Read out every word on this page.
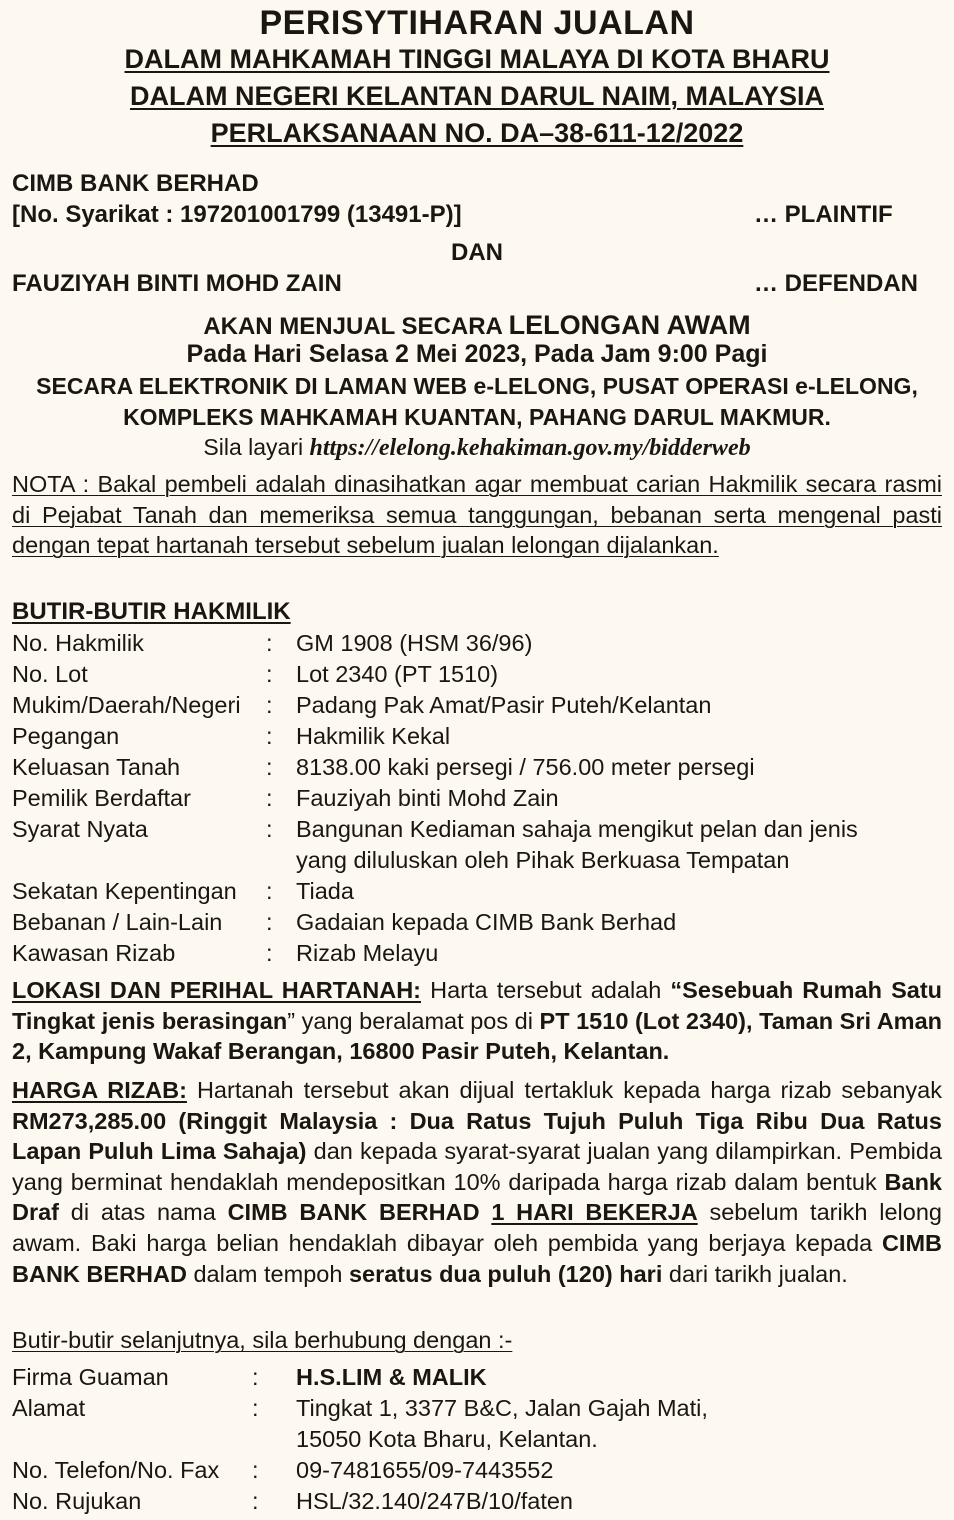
PERISYTIHARAN JUALAN
DALAM MAHKAMAH TINGGI MALAYA DI KOTA BHARU
DALAM NEGERI KELANTAN DARUL NAIM, MALAYSIA
PERLAKSANAAN NO. DA–38-611-12/2022
CIMB BANK BERHAD
[No. Syarikat : 197201001799 (13491-P)]	… PLAINTIF
DAN
FAUZIYAH BINTI MOHD ZAIN	… DEFENDAN
AKAN MENJUAL SECARA LELONGAN AWAM
Pada Hari Selasa 2 Mei 2023, Pada Jam 9:00 Pagi
SECARA ELEKTRONIK DI LAMAN WEB e-LELONG, PUSAT OPERASI e-LELONG,
KOMPLEKS MAHKAMAH KUANTAN, PAHANG DARUL MAKMUR.
Sila layari https://elelong.kehakiman.gov.my/bidderweb
NOTA : Bakal pembeli adalah dinasihatkan agar membuat carian Hakmilik secara rasmi di Pejabat Tanah dan memeriksa semua tanggungan, bebanan serta mengenal pasti dengan tepat hartanah tersebut sebelum jualan lelongan dijalankan.
BUTIR-BUTIR HAKMILIK
No. Hakmilik	: GM 1908 (HSM 36/96)
No. Lot	: Lot 2340 (PT 1510)
Mukim/Daerah/Negeri : Padang Pak Amat/Pasir Puteh/Kelantan
Pegangan	: Hakmilik Kekal
Keluasan Tanah	: 8138.00 kaki persegi / 756.00 meter persegi
Pemilik Berdaftar	: Fauziyah binti Mohd Zain
Syarat Nyata	: Bangunan Kediaman sahaja mengikut pelan dan jenis
yang diluluskan oleh Pihak Berkuasa Tempatan
Sekatan Kepentingan : Tiada
Bebanan / Lain-Lain : Gadaian kepada CIMB Bank Berhad
Kawasan Rizab	: Rizab Melayu
LOKASI DAN PERIHAL HARTANAH: Harta tersebut adalah “Sesebuah Rumah Satu Tingkat jenis berasingan” yang beralamat pos di PT 1510 (Lot 2340), Taman Sri Aman 2, Kampung Wakaf Berangan, 16800 Pasir Puteh, Kelantan.
HARGA RIZAB: Hartanah tersebut akan dijual tertakluk kepada harga rizab sebanyak RM273,285.00 (Ringgit Malaysia : Dua Ratus Tujuh Puluh Tiga Ribu Dua Ratus Lapan Puluh Lima Sahaja) dan kepada syarat-syarat jualan yang dilampirkan. Pembida yang berminat hendaklah mendepositkan 10% daripada harga rizab dalam bentuk Bank Draf di atas nama CIMB BANK BERHAD 1 HARI BEKERJA sebelum tarikh lelong awam. Baki harga belian hendaklah dibayar oleh pembida yang berjaya kepada CIMB BANK BERHAD dalam tempoh seratus dua puluh (120) hari dari tarikh jualan.
Butir-butir selanjutnya, sila berhubung dengan :-
Firma Guaman	: H.S.LIM & MALIK
Alamat	: Tingkat 1, 3377 B&C, Jalan Gajah Mati,
15050 Kota Bharu, Kelantan.
No. Telefon/No. Fax : 09-7481655/09-7443552
No. Rujukan	: HSL/32.140/247B/10/faten
